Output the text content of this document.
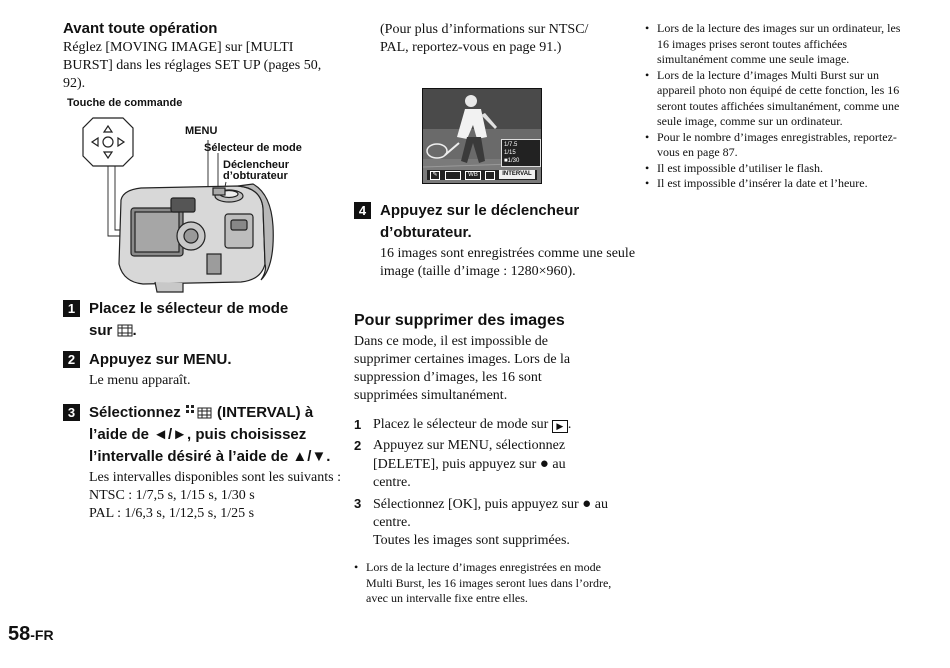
Avant toute opération
Réglez [MOVING IMAGE] sur [MULTI BURST] dans les réglages SET UP (pages 50, 92).
Touche de commande
MENU
Sélecteur de mode
Déclencheur
d’obturateur
1 Placez le sélecteur de mode
sur .
2 Appuyez sur MENU.
Le menu apparaît.
3 Sélectionnez (INTERVAL) à l’aide de ◄/►, puis choisissez l’intervalle désiré à l’aide de ▲/▼.
Les intervalles disponibles sont les suivants :
NTSC : 1/7,5 s, 1/15 s, 1/30 s
PAL : 1/6,3 s, 1/12,5 s, 1/25 s
(Pour plus d’informations sur NTSC/ PAL, reportez-vous en page 91.)
1/7.5
1/15
■1/30
✎	WB	INTERVAL
4 Appuyez sur le déclencheur d’obturateur.
16 images sont enregistrées comme une seule image (taille d’image : 1280×960).
Pour supprimer des images
Dans ce mode, il est impossible de supprimer certaines images. Lors de la suppression d’images, les 16 sont supprimées simultanément.
1 Placez le sélecteur de mode sur ▶ .
2 Appuyez sur MENU, sélectionnez [DELETE], puis appuyez sur ● au centre.
3 Sélectionnez [OK], puis appuyez sur ● au centre.
Toutes les images sont supprimées.
• Lors de la lecture d’images enregistrées en mode Multi Burst, les 16 images seront lues dans l’ordre, avec un intervalle fixe entre elles.
• Lors de la lecture des images sur un ordinateur, les 16 images prises seront toutes affichées simultanément comme une seule image.
• Lors de la lecture d’images Multi Burst sur un appareil photo non équipé de cette fonction, les 16 seront toutes affichées simultanément, comme une seule image, comme sur un ordinateur.
• Pour le nombre d’images enregistrables, reportez-vous en page 87.
• Il est impossible d’utiliser le flash.
• Il est impossible d’insérer la date et l’heure.
58-FR
